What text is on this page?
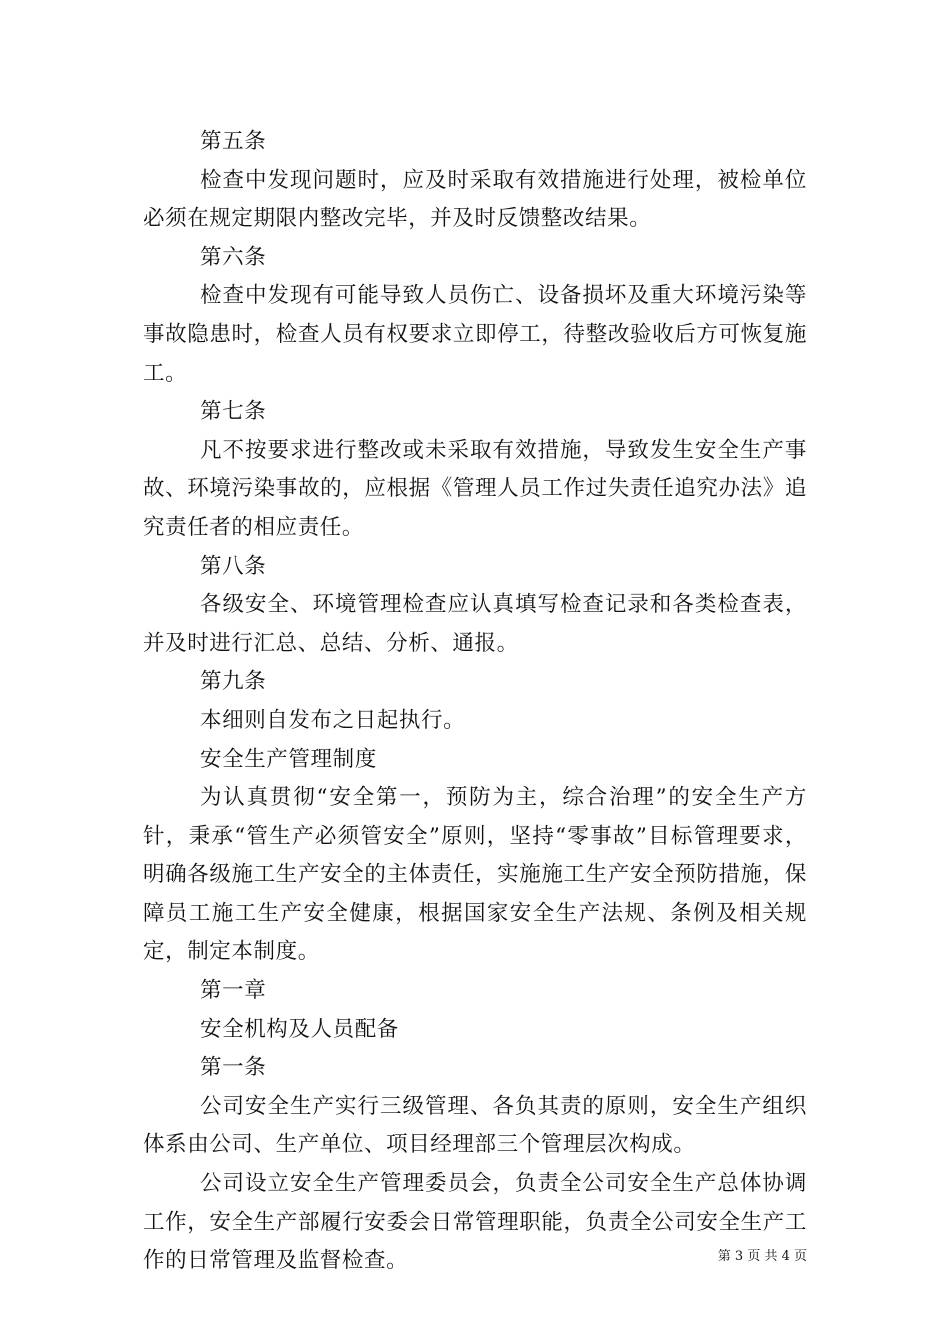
第五条

检查中发现问题时，应及时采取有效措施进行处理，被检单位必须在规定期限内整改完毕，并及时反馈整改结果。

第六条

检查中发现有可能导致人员伤亡、设备损坏及重大环境污染等事故隐患时，检查人员有权要求立即停工，待整改验收后方可恢复施工。

第七条

凡不按要求进行整改或未采取有效措施，导致发生安全生产事故、环境污染事故的，应根据《管理人员工作过失责任追究办法》追究责任者的相应责任。

第八条

各级安全、环境管理检查应认真填写检查记录和各类检查表，并及时进行汇总、总结、分析、通报。

第九条

本细则自发布之日起执行。

安全生产管理制度

为认真贯彻“安全第一，预防为主，综合治理”的安全生产方针，秉承“管生产必须管安全”原则，坚持“零事故”目标管理要求，明确各级施工生产安全的主体责任，实施施工生产安全预防措施，保障员工施工生产安全健康，根据国家安全生产法规、条例及相关规定，制定本制度。

第一章

安全机构及人员配备

第一条

公司安全生产实行三级管理、各负其责的原则，安全生产组织体系由公司、生产单位、项目经理部三个管理层次构成。

公司设立安全生产管理委员会，负责全公司安全生产总体协调工作，安全生产部履行安委会日常管理职能，负责全公司安全生产工作的日常管理及监督检查。	第 3 页 共 4 页
